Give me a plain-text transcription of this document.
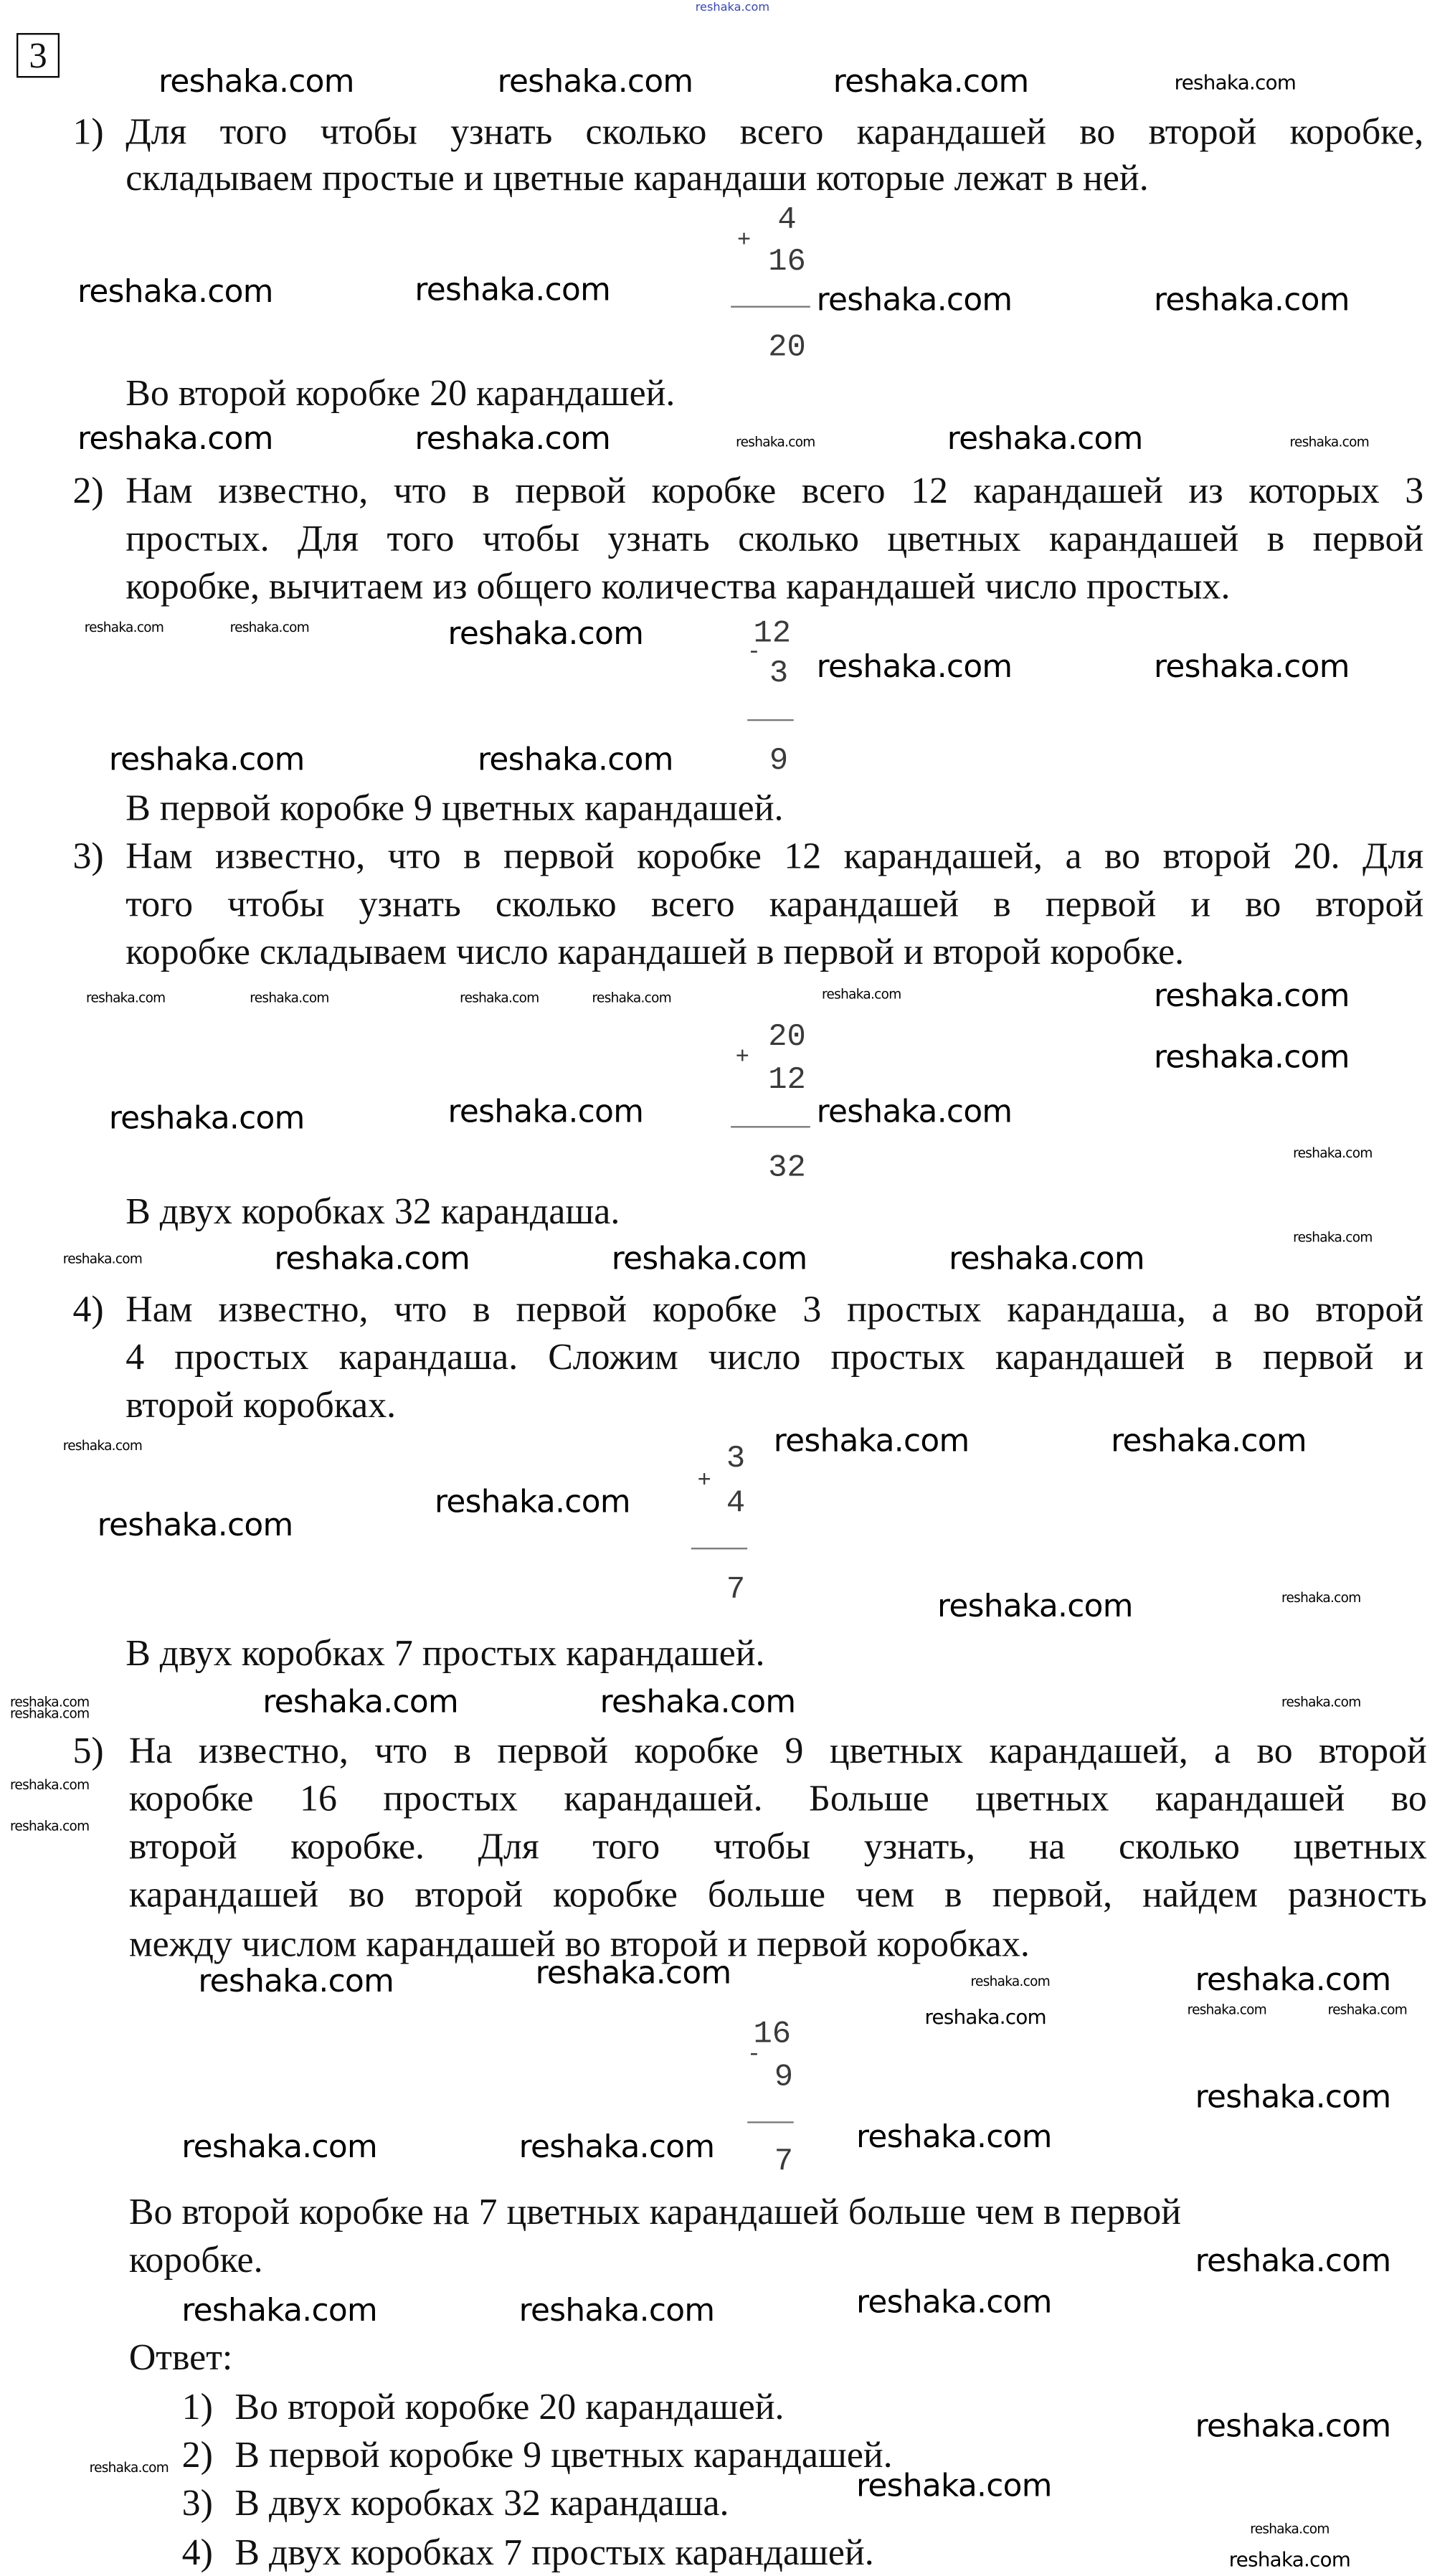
reshaka.com
3
1) Для того чтобы узнать сколько всего карандашей во второй коробке,
складываем простые и цветные карандаши которые лежат в ней.
4
+
16
20
Во второй коробке 20 карандашей.
2) Нам известно, что в первой коробке всего 12 карандашей из которых 3
простых. Для того чтобы узнать сколько цветных карандашей в первой
коробке, вычитаем из общего количества карандашей число простых.
12
-
3
9
В первой коробке 9 цветных карандашей.
3) Нам известно, что в первой коробке 12 карандашей, а во второй 20. Для
того чтобы узнать сколько всего карандашей в первой и во второй
коробке складываем число карандашей в первой и второй коробке.
20
+
12
32
В двух коробках 32 карандаша.
4) Нам известно, что в первой коробке 3 простых карандаша, а во второй
4 простых карандаша. Сложим число простых карандашей в первой и
второй коробках.
3
+
4
7
В двух коробках 7 простых карандашей.
5) На известно, что в первой коробке 9 цветных карандашей, а во второй
коробке 16 простых карандашей. Больше цветных карандашей во
второй коробке. Для того чтобы узнать, на сколько цветных
карандашей во второй коробке больше чем в первой, найдем разность
между числом карандашей во второй и первой коробках.
16
-
9
7
Во второй коробке на 7 цветных карандашей больше чем в первой
коробке.
Ответ:
1) Во второй коробке 20 карандашей.
2) В первой коробке 9 цветных карандашей.
3) В двух коробках 32 карандаша.
4) В двух коробках 7 простых карандашей.
reshaka.com	reshaka.com	reshaka.com	reshaka.com
reshaka.com	reshaka.com	reshaka.com	reshaka.com
reshaka.com	reshaka.com	reshaka.com
reshaka.com	reshaka.com
reshaka.com	reshaka.com	reshaka.com
reshaka.com	reshaka.com
reshaka.com	reshaka.com
reshaka.com
reshaka.com
reshaka.com	reshaka.com	reshaka.com	reshaka.com	reshaka.com
reshaka.com	reshaka.com	reshaka.com
reshaka.com
reshaka.com
reshaka.com
reshaka.com
reshaka.com	reshaka.com	reshaka.com
reshaka.com	reshaka.com
reshaka.com
reshaka.com
reshaka.com	reshaka.com
reshaka.com	reshaka.com	reshaka.com	reshaka.com
reshaka.com
reshaka.com
reshaka.com
reshaka.com	reshaka.com
reshaka.com
reshaka.com
reshaka.com	reshaka.com	reshaka.com
reshaka.com
reshaka.com	reshaka.com	reshaka.com
reshaka.com
reshaka.com	reshaka.com	reshaka.com
reshaka.com
reshaka.com
reshaka.com
reshaka.com
reshaka.com
